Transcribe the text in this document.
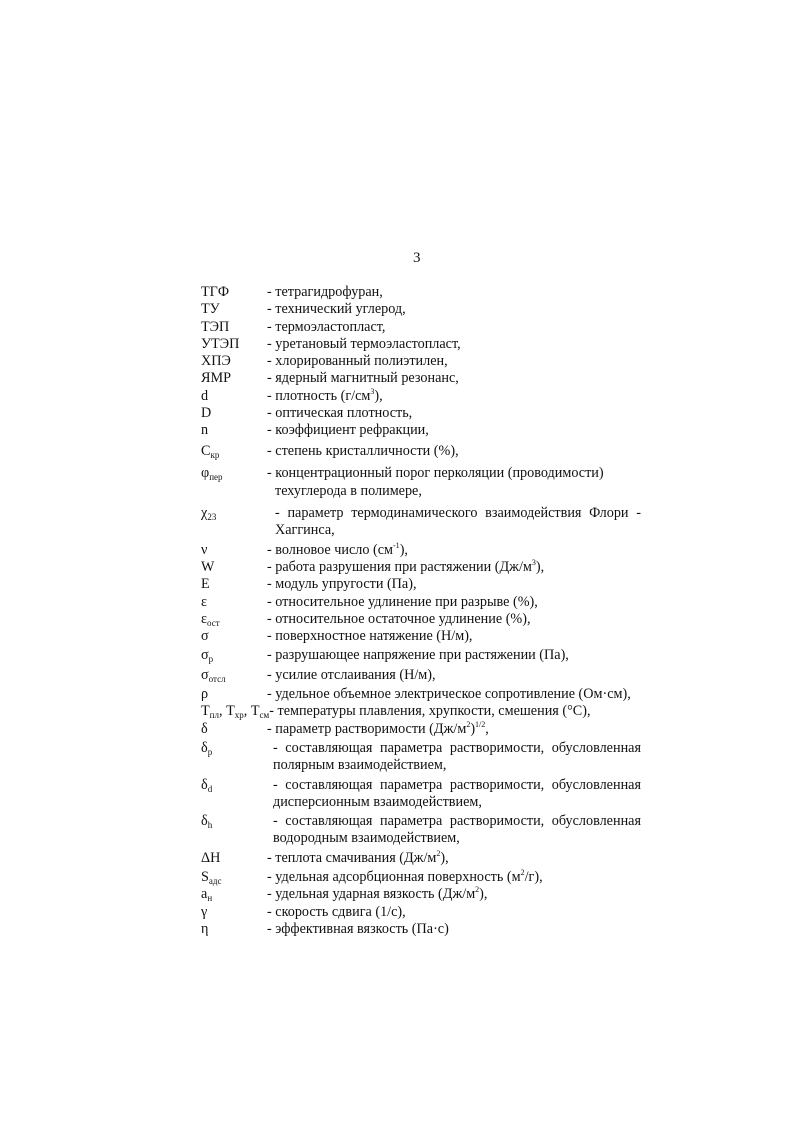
3
ТГФ	- тетрагидрофуран,
ТУ	- технический углерод,
ТЭП	- термоэластопласт,
УТЭП	- уретановый термоэластопласт,
ХПЭ	- хлорированный полиэтилен,
ЯМР	- ядерный магнитный резонанс,
d	- плотность $(г/см^3)$,
D	- оптическая плотность,
n	- коэффициент рефракции,
$C_{кр}$	- степень кристалличности (%),
$\varphi_{пер}$	- концентрационный порог перколяции (проводимости)
техуглерода в полимере,
$\chi_{23}$	- параметр термодинамического взаимодействия Флори -
Хаггинса,
ν	- волновое число $(см^{-1})$,
W	- работа разрушения при растяжении $(Дж/м^3)$,
E	- модуль упругости (Па),
ε	- относительное удлинение при разрыве (%),
$\varepsilon_{ост}$	- относительное остаточное удлинение (%),
σ	- поверхностное натяжение (Н/м),
$\sigma_р$	- разрушающее напряжение при растяжении (Па),
$\sigma_{отсл}$	- усилие отслаивания (Н/м),
ρ	- удельное объемное электрическое сопротивление (Ом·см),
$T_{пл}$, $T_{хр}$, $T_{см}$ - температуры плавления, хрупкости, смешения (°С),
δ	- параметр растворимости $(Дж/м^2)^{1/2}$,
$\delta_р$	- составляющая параметра растворимости, обусловленная
полярным взаимодействием,
$\delta_d$	- составляющая параметра растворимости, обусловленная
дисперсионным взаимодействием,
$\delta_h$	- составляющая параметра растворимости, обусловленная
водородным взаимодействием,
ΔH	- теплота смачивания $(Дж/м^2)$,
$S_{адс}$	- удельная адсорбционная поверхность $(м^2/г)$,
$a_н$	- удельная ударная вязкость $(Дж/м^2)$,
γ	- скорость сдвига (1/с),
η	- эффективная вязкость (Па·с)
